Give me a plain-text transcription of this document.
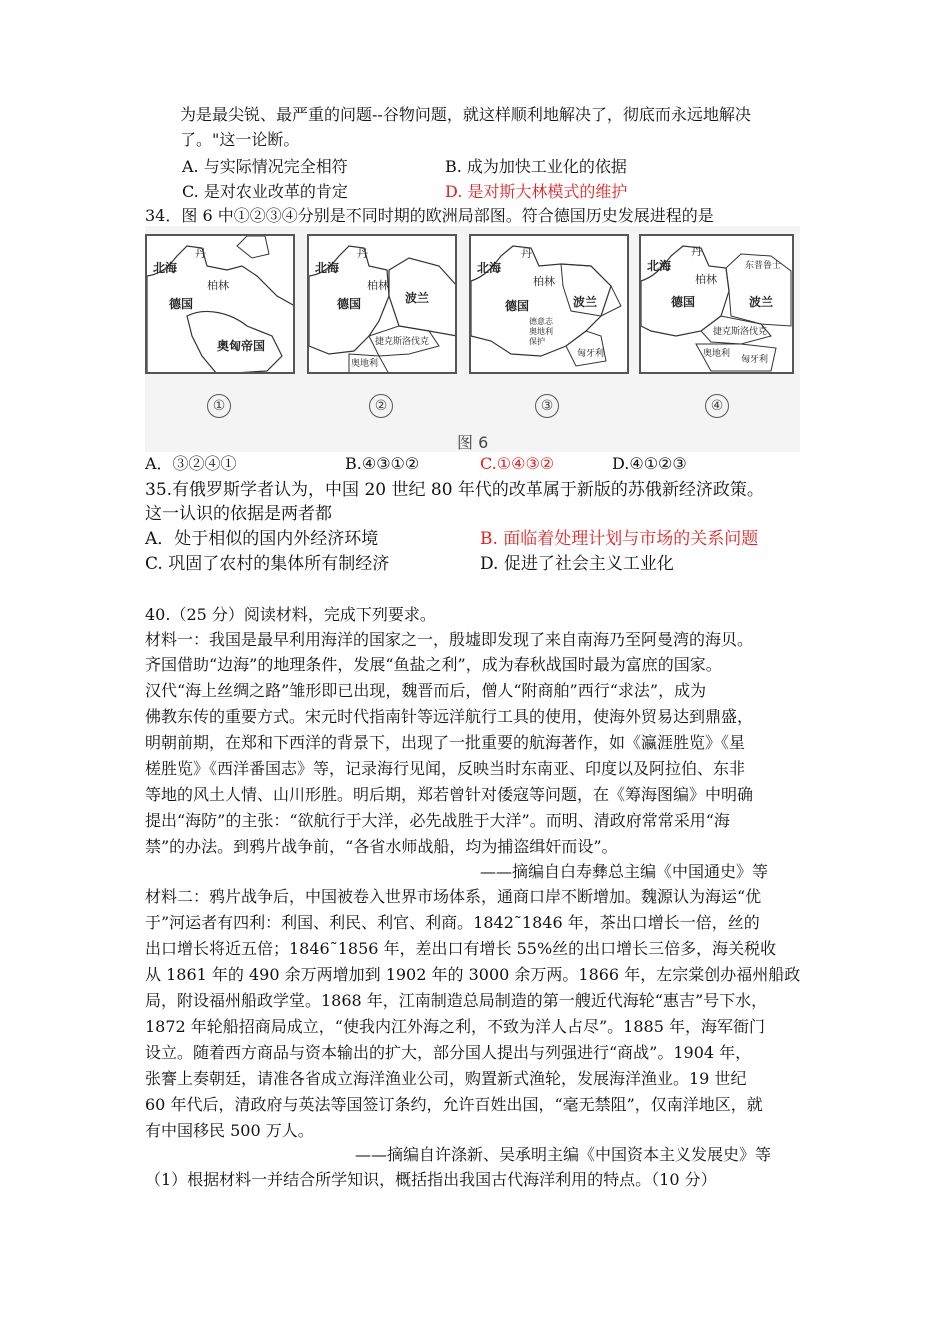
为是最尖锐、最严重的问题--谷物问题，就这样顺利地解决了，彻底而永远地解决
了。"这一论断。
A. 与实际情况完全相符	B. 成为加快工业化的依据
C. 是对农业改革的肯定	D. 是对斯大林模式的维护
34．图 6 中①②③④分别是不同时期的欧洲局部图。符合德国历史发展进程的是
丹
北海
柏林
德国
奥匈帝国
丹
北海
柏林
德国	波兰
捷克斯洛伐克
奥地利
丹
北海
柏林
德国	波兰
德意志
奥地利
保护
匈牙利
丹
北海
柏林
东普鲁士
德国	波兰
捷克斯洛伐克
奥地利
匈牙利
①	②	③	④
图 6
A．③②④①	B.④③①②	C.①④③②	D.④①②③
35.有俄罗斯学者认为，中国 20 世纪 80 年代的改革属于新版的苏俄新经济政策。
这一认识的依据是两者都
A．处于相似的国内外经济环境	B. 面临着处理计划与市场的关系问题
C. 巩固了农村的集体所有制经济	D. 促进了社会主义工业化
40.（25 分）阅读材料，完成下列要求。
材料一：我国是最早利用海洋的国家之一，殷墟即发现了来自南海乃至阿曼湾的海贝。
齐国借助“边海”的地理条件，发展“鱼盐之利”，成为春秋战国时最为富庶的国家。
汉代“海上丝绸之路”雏形即已出现，魏晋而后，僧人“附商舶”西行“求法”，成为
佛教东传的重要方式。宋元时代指南针等远洋航行工具的使用，使海外贸易达到鼎盛，
明朝前期，在郑和下西洋的背景下，出现了一批重要的航海著作，如《瀛涯胜览》《星
槎胜览》《西洋番国志》等，记录海行见闻，反映当时东南亚、印度以及阿拉伯、东非
等地的风土人情、山川形胜。明后期，郑若曾针对倭寇等问题，在《筹海图编》中明确
提出“海防”的主张：“欲航行于大洋，必先战胜于大洋”。而明、清政府常常采用“海
禁”的办法。到鸦片战争前，“各省水师战船，均为捕盗缉奸而设”。
——摘编自白寿彝总主编《中国通史》等
材料二：鸦片战争后，中国被卷入世界市场体系，通商口岸不断增加。魏源认为海运“优
于”河运者有四利：利国、利民、利官、利商。1842˜1846 年，茶出口增长一倍，丝的
出口增长将近五倍；1846˜1856 年，差出口有增长 55%丝的出口增长三倍多，海关税收
从 1861 年的 490 余万两增加到 1902 年的 3000 余万两。1866 年，左宗棠创办福州船政
局，附设福州船政学堂。1868 年，江南制造总局制造的第一艘近代海轮“惠吉”号下水，
1872 年轮船招商局成立，“使我内江外海之利，不致为洋人占尽”。1885 年，海军衙门
设立。随着西方商品与资本输出的扩大，部分国人提出与列强进行“商战”。1904 年，
张謇上奏朝廷，请准各省成立海洋渔业公司，购置新式渔轮，发展海洋渔业。19 世纪
60 年代后，清政府与英法等国签订条约，允许百姓出国，“毫无禁阻”，仅南洋地区，就
有中国移民 500 万人。
——摘编自许涤新、吴承明主编《中国资本主义发展史》等
（1）根据材料一并结合所学知识，概括指出我国古代海洋利用的特点。（10 分）
